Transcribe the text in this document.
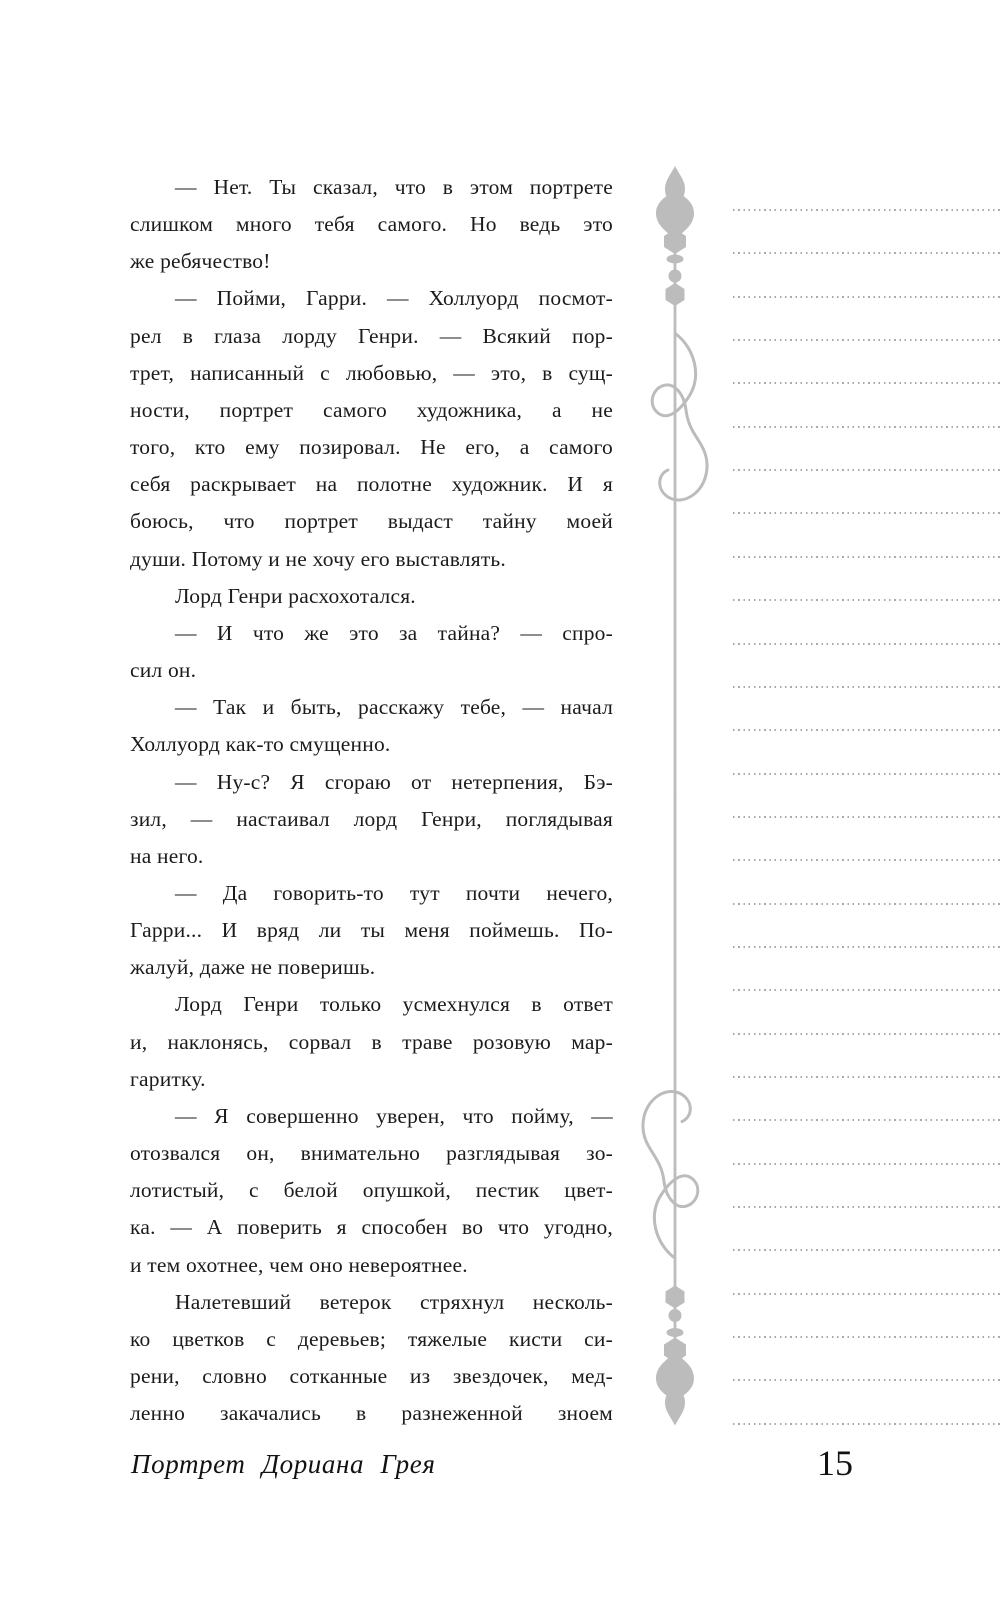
— Нет. Ты сказал, что в этом портрете
слишком много тебя самого. Но ведь это
же ребячество!
— Пойми, Гарри. — Холлуорд посмот-
рел в глаза лорду Генри. — Всякий пор-
трет, написанный с любовью, — это, в сущ-
ности, портрет самого художника, а не
того, кто ему позировал. Не его, а самого
себя раскрывает на полотне художник. И я
боюсь, что портрет выдаст тайну моей
души. Потому и не хочу его выставлять.
Лорд Генри расхохотался.
— И что же это за тайна? — спро-
сил он.
— Так и быть, расскажу тебе, — начал
Холлуорд как-то смущенно.
— Ну-с? Я сгораю от нетерпения, Бэ-
зил, — настаивал лорд Генри, поглядывая
на него.
— Да говорить-то тут почти нечего,
Гарри... И вряд ли ты меня поймешь. По-
жалуй, даже не поверишь.
Лорд Генри только усмехнулся в ответ
и, наклонясь, сорвал в траве розовую мар-
гаритку.
— Я совершенно уверен, что пойму, —
отозвался он, внимательно разглядывая зо-
лотистый, с белой опушкой, пестик цвет-
ка. — А поверить я способен во что угодно,
и тем охотнее, чем оно невероятнее.
Налетевший ветерок стряхнул несколь-
ко цветков с деревьев; тяжелые кисти си-
рени, словно сотканные из звездочек, мед-
ленно закачались в разнеженной зноем
Портрет Дориана Грея	15
